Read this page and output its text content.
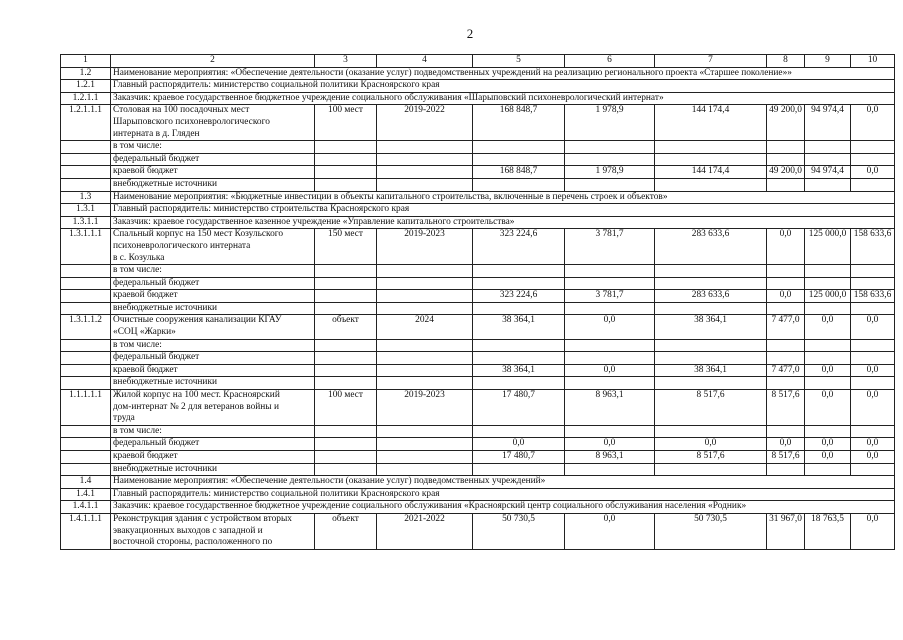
2
1	2	3	4	5	6	7	8	9	10
1.2	Наименование мероприятия: «Обеспечение деятельности (оказание услуг) подведомственных учреждений на реализацию регионального проекта «Старшее поколение»»								
1.2.1	Главный распорядитель: министерство социальной политики Красноярского края								
1.2.1.1	Заказчик: краевое государственное бюджетное учреждение социального обслуживания «Шарыповский психоневрологический интернат»								
1.2.1.1.1	Столовая на 100 посадочных мест
Шарыповского психоневрологического
интерната в д. Гляден	100 мест	2019-2022	168 848,7	1 978,9	144 174,4	49 200,0	94 974,4	0,0
	в том числе:								
	федеральный бюджет								
	краевой бюджет			168 848,7	1 978,9	144 174,4	49 200,0	94 974,4	0,0
	внебюджетные источники								
1.3	Наименование мероприятия: «Бюджетные инвестиции в объекты капитального строительства, включенные в перечень строек и объектов»								
1.3.1	Главный распорядитель: министерство строительства Красноярского края								
1.3.1.1	Заказчик: краевое государственное казенное учреждение «Управление капитального строительства»								
1.3.1.1.1	Спальный корпус на 150 мест Козульского
психоневрологического интерната
в с. Козулька	150 мест	2019-2023	323 224,6	3 781,7	283 633,6	0,0	125 000,0	158 633,6
	в том числе:								
	федеральный бюджет								
	краевой бюджет			323 224,6	3 781,7	283 633,6	0,0	125 000,0	158 633,6
	внебюджетные источники								
1.3.1.1.2	Очистные сооружения канализации КГАУ
«СОЦ «Жарки»	объект	2024	38 364,1	0,0	38 364,1	7 477,0	0,0	0,0
	в том числе:								
	федеральный бюджет								
	краевой бюджет			38 364,1	0,0	38 364,1	7 477,0	0,0	0,0
	внебюджетные источники								
1.1.1.1.1	Жилой корпус на 100 мест. Красноярский
дом-интернат № 2 для ветеранов войны и
труда	100 мест	2019-2023	17 480,7	8 963,1	8 517,6	8 517,6	0,0	0,0
	в том числе:								
	федеральный бюджет			0,0	0,0	0,0	0,0	0,0	0,0
	краевой бюджет			17 480,7	8 963,1	8 517,6	8 517,6	0,0	0,0
	внебюджетные источники								
1.4	Наименование мероприятия: «Обеспечение деятельности (оказание услуг) подведомственных учреждений»								
1.4.1	Главный распорядитель: министерство социальной политики Красноярского края								
1.4.1.1	Заказчик: краевое государственное бюджетное учреждение социального обслуживания «Красноярский центр социального обслуживания населения «Родник»								
1.4.1.1.1	Реконструкция здания с устройством вторых
эвакуационных выходов с западной и
восточной стороны, расположенного по	объект	2021-2022	50 730,5	0,0	50 730,5	31 967,0	18 763,5	0,0
